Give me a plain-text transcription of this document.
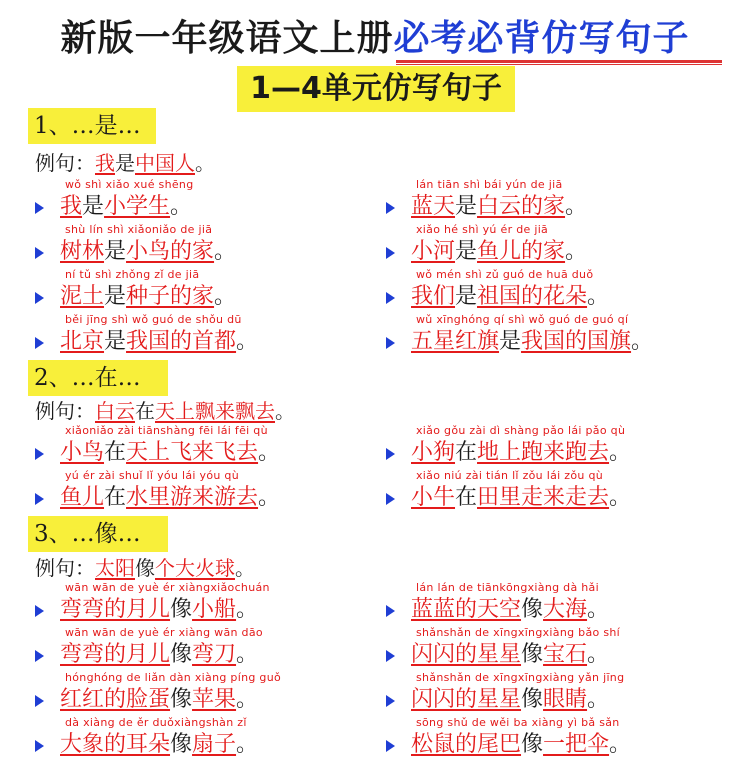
新版一年级语文上册必考必背仿写句子
1—4单元仿写句子
1、…是…
例句：我是中国人。
wǒ shì xiǎo xué shēng
我是小学生。
lán tiān shì bái yún de jiā
蓝天是白云的家。
shù lín shì xiǎoniǎo de jiā
树林是小鸟的家。
xiǎo hé shì yú ér de jiā
小河是鱼儿的家。
ní tǔ shì zhǒng zǐ de jiā
泥土是种子的家。
wǒ mén shì zǔ guó de huā duǒ
我们是祖国的花朵。
běi jīng shì wǒ guó de shǒu dū
北京是我国的首都。
wǔ xīnghóng qí shì wǒ guó de guó qí
五星红旗是我国的国旗。
2、…在…
例句：白云在天上飘来飘去。
xiǎoniǎo zài tiānshàng fēi lái fēi qù
小鸟在天上飞来飞去。
xiǎo gǒu zài dì shàng pǎo lái pǎo qù
小狗在地上跑来跑去。
yú ér zài shuǐ lǐ yóu lái yóu qù
鱼儿在水里游来游去。
xiǎo niú zài tián lǐ zǒu lái zǒu qù
小牛在田里走来走去。
3、…像…
例句：太阳像个大火球。
wān wān de yuè ér xiàngxiǎochuán
弯弯的月儿像小船。
lán lán de tiānkōngxiàng dà hǎi
蓝蓝的天空像大海。
wān wān de yuè ér xiàng wān dāo
弯弯的月儿像弯刀。
shǎnshǎn de xīngxīngxiàng bǎo shí
闪闪的星星像宝石。
hónghóng de liǎn dàn xiàng píng guǒ
红红的脸蛋像苹果。
shǎnshǎn de xīngxīngxiàng yǎn jīng
闪闪的星星像眼睛。
dà xiàng de ěr duǒxiàngshàn zǐ
大象的耳朵像扇子。
sōng shǔ de wěi ba xiàng yì bǎ sǎn
松鼠的尾巴像一把伞。
